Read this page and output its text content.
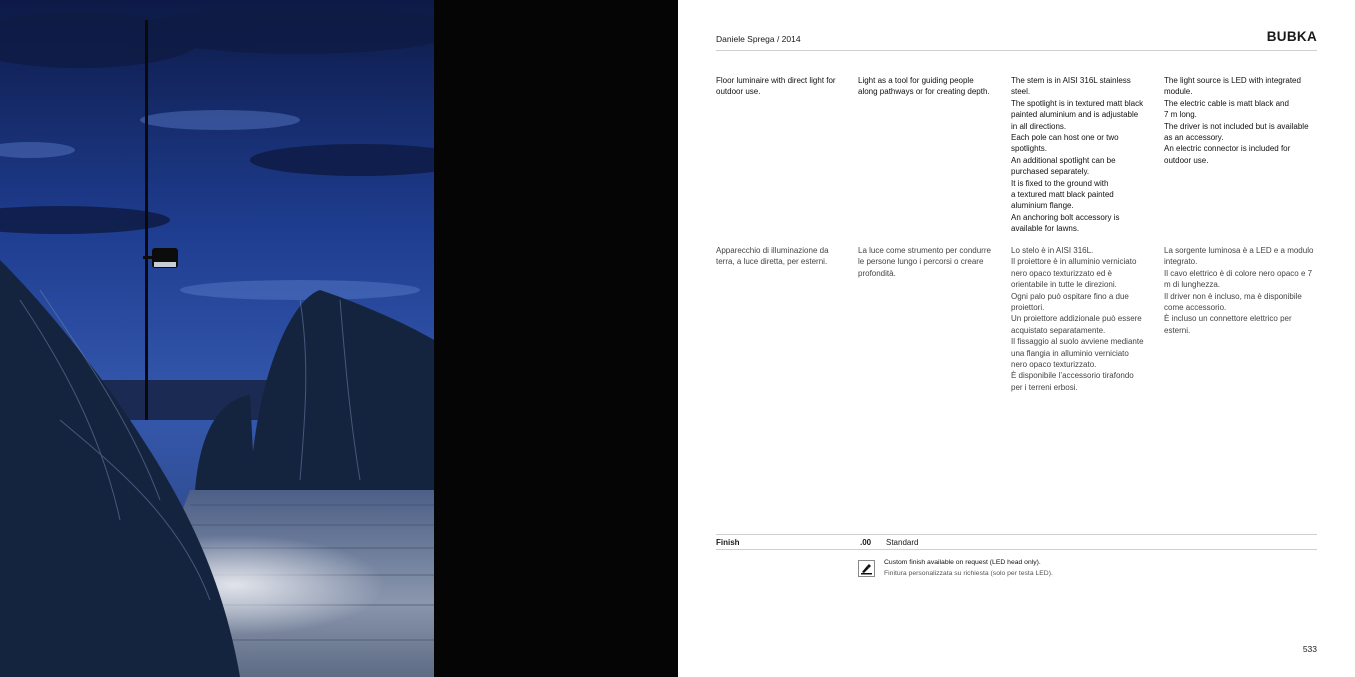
Daniele Sprega / 2014	BUBKA
Floor luminaire with direct light for
outdoor use.
Light as a tool for guiding people
along pathways or for creating depth.
The stem is in AISI 316L stainless
steel.
The spotlight is in textured matt black
painted aluminium and is adjustable
in all directions.
Each pole can host one or two
spotlights.
An additional spotlight can be
purchased separately.
It is fixed to the ground with
a textured matt black painted
aluminium flange.
An anchoring bolt accessory is
available for lawns.
The light source is LED with integrated
module.
The electric cable is matt black and
7 m long.
The driver is not included but is available
as an accessory.
An electric connector is included for
outdoor use.
Apparecchio di illuminazione da
terra, a luce diretta, per esterni.
La luce come strumento per condurre
le persone lungo i percorsi o creare
profondità.
Lo stelo è in AISI 316L.
Il proiettore è in alluminio verniciato
nero opaco texturizzato ed è
orientabile in tutte le direzioni.
Ogni palo può ospitare fino a due
proiettori.
Un proiettore addizionale può essere
acquistato separatamente.
Il fissaggio al suolo avviene mediante
una flangia in alluminio verniciato
nero opaco texturizzato.
È disponibile l’accessorio tirafondo
per i terreni erbosi.
La sorgente luminosa è a LED e a modulo
integrato.
Il cavo elettrico è di colore nero opaco e 7
m di lunghezza.
Il driver non è incluso, ma è disponibile
come accessorio.
È incluso un connettore elettrico per
esterni.
Finish	.00 Standard
Custom finish available on request (LED head only).
Finitura personalizzata su richiesta (solo per testa LED).
533
